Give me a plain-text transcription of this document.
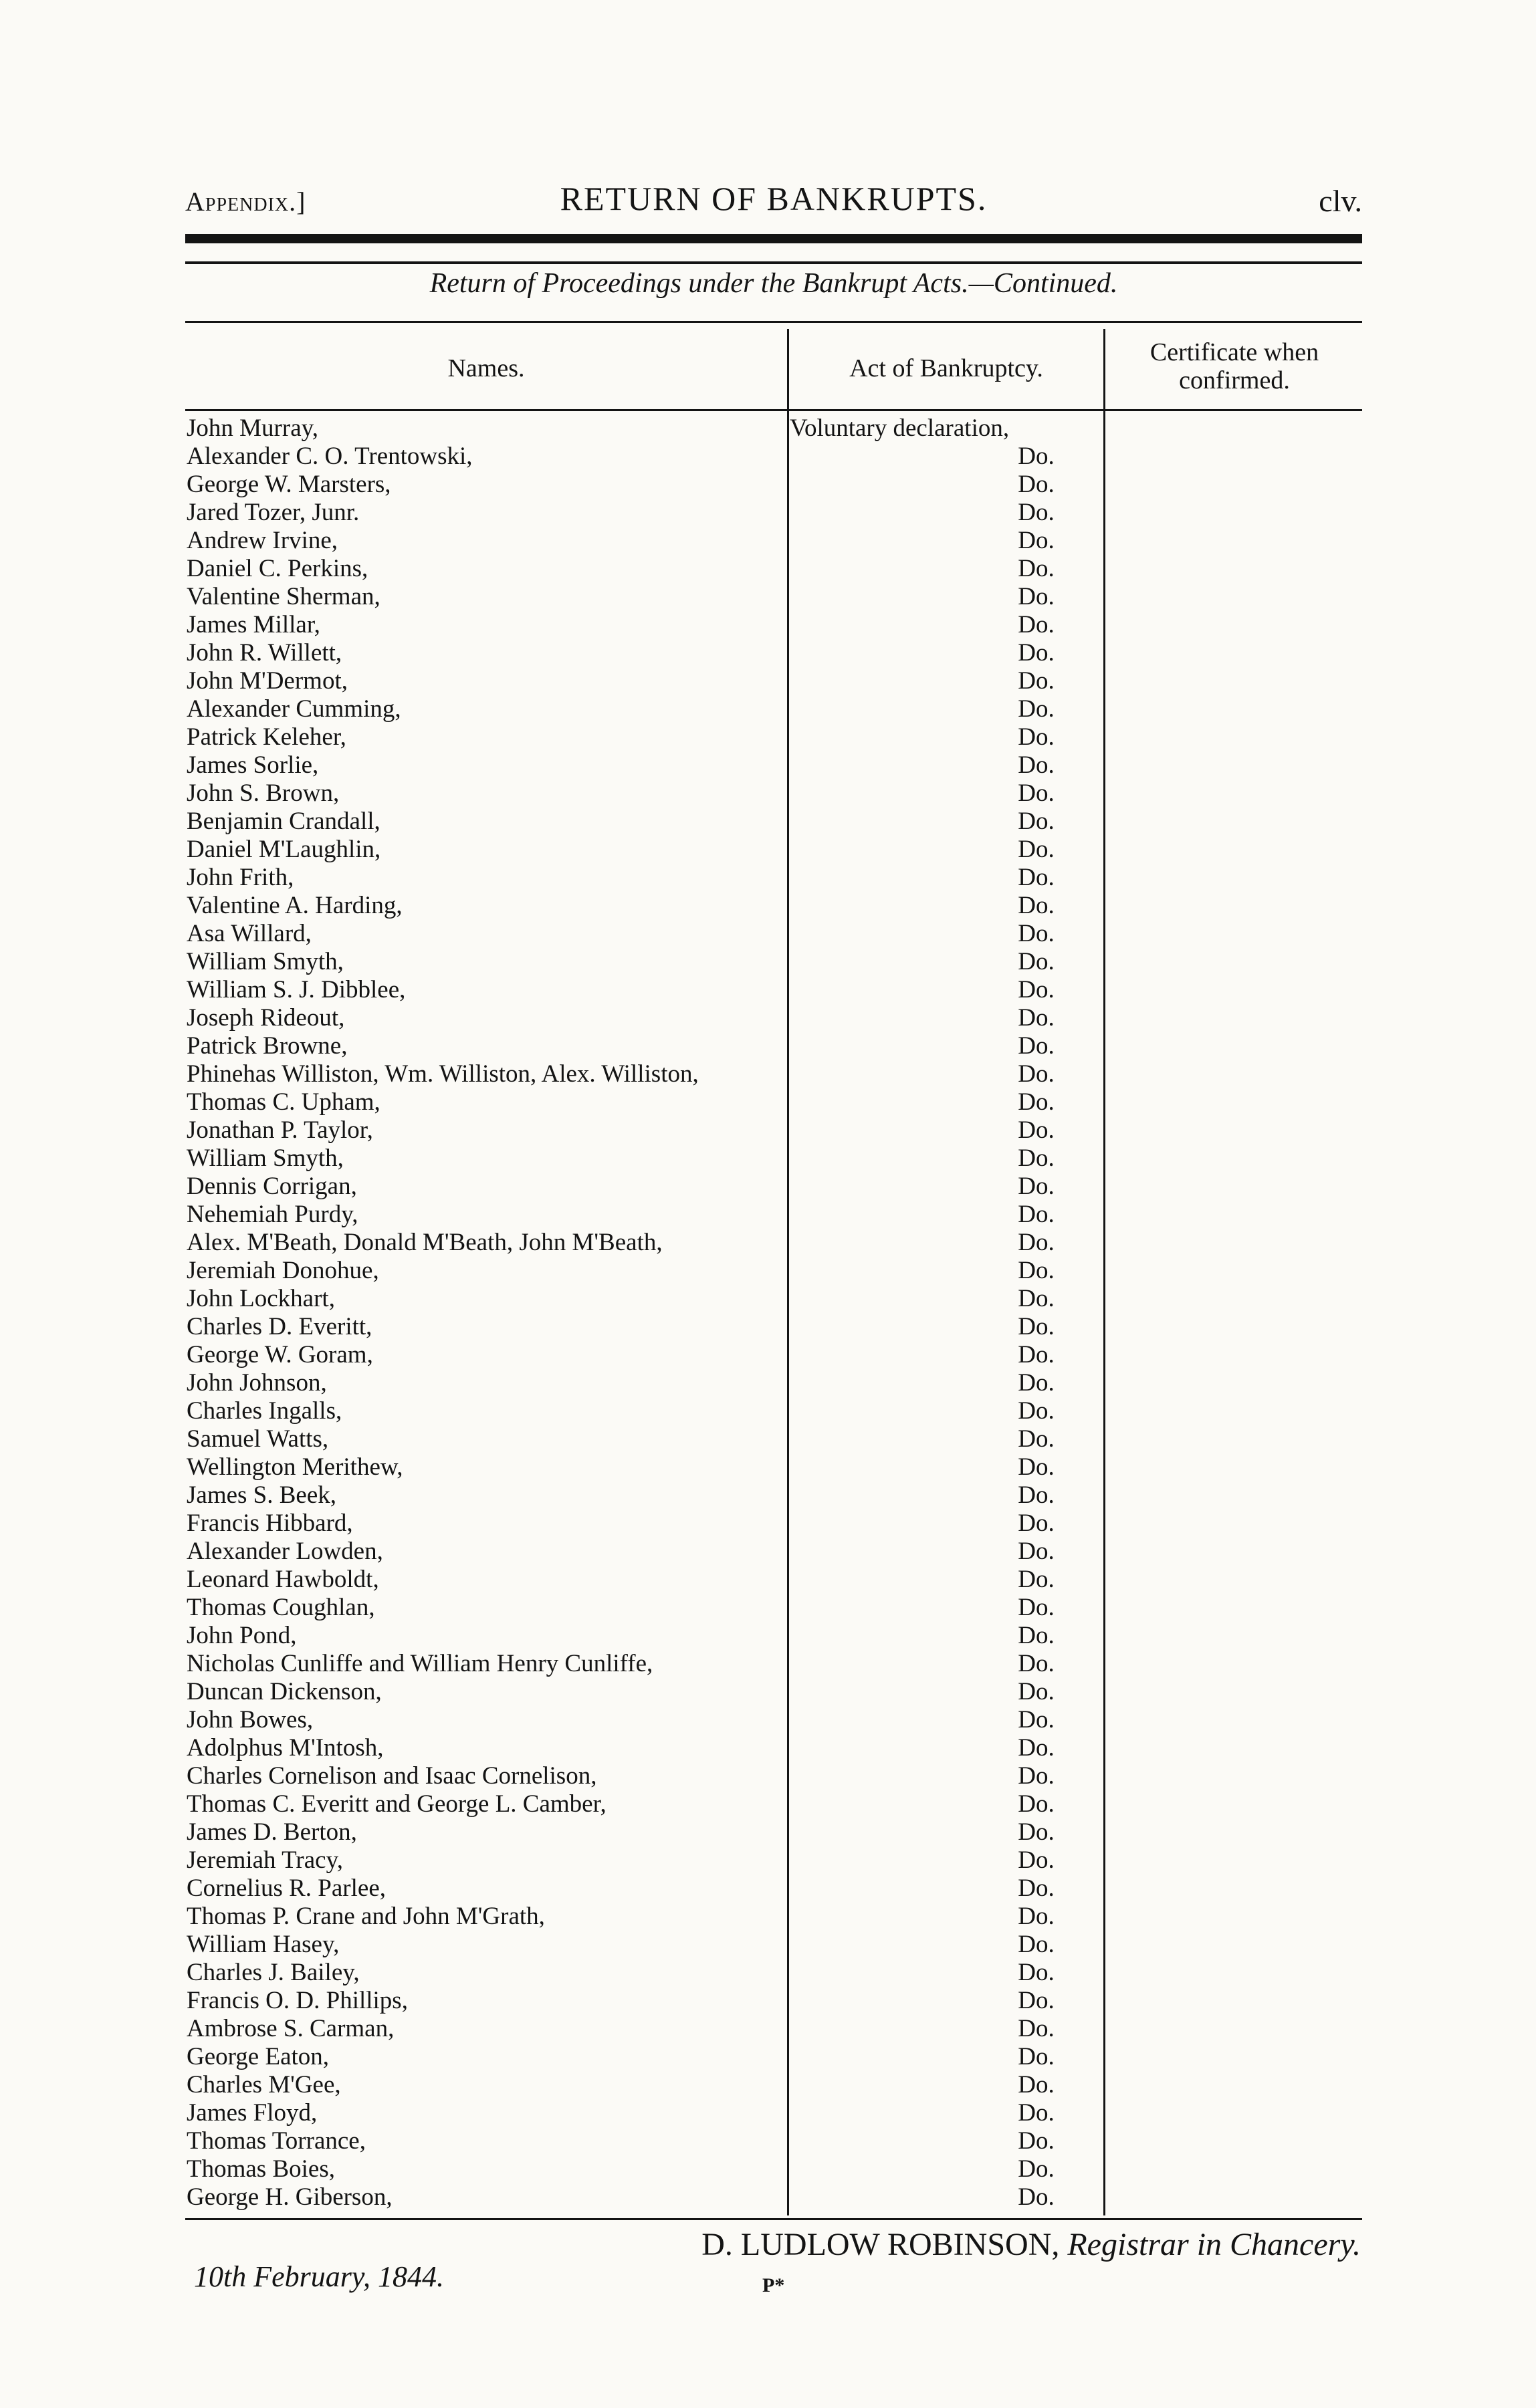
Appendix.]	RETURN OF BANKRUPTS.	clv.
Return of Proceedings under the Bankrupt Acts.—Continued.
Names.	Act of Bankruptcy.
Certificate when confirmed.
John Murray,	Voluntary declaration,
Alexander C. O. Trentowski,	Do.
George W. Marsters,	Do.
Jared Tozer, Junr.	Do.
Andrew Irvine,	Do.
Daniel C. Perkins,	Do.
Valentine Sherman,	Do.
James Millar,	Do.
John R. Willett,	Do.
John M'Dermot,	Do.
Alexander Cumming,	Do.
Patrick Keleher,	Do.
James Sorlie,	Do.
John S. Brown,	Do.
Benjamin Crandall,	Do.
Daniel M'Laughlin,	Do.
John Frith,	Do.
Valentine A. Harding,	Do.
Asa Willard,	Do.
William Smyth,	Do.
William S. J. Dibblee,	Do.
Joseph Rideout,	Do.
Patrick Browne,	Do.
Phinehas Williston, Wm. Williston, Alex. Williston,	Do.
Thomas C. Upham,	Do.
Jonathan P. Taylor,	Do.
William Smyth,	Do.
Dennis Corrigan,	Do.
Nehemiah Purdy,	Do.
Alex. M'Beath, Donald M'Beath, John M'Beath,	Do.
Jeremiah Donohue,	Do.
John Lockhart,	Do.
Charles D. Everitt,	Do.
George W. Goram,	Do.
John Johnson,	Do.
Charles Ingalls,	Do.
Samuel Watts,	Do.
Wellington Merithew,	Do.
James S. Beek,	Do.
Francis Hibbard,	Do.
Alexander Lowden,	Do.
Leonard Hawboldt,	Do.
Thomas Coughlan,	Do.
John Pond,	Do.
Nicholas Cunliffe and William Henry Cunliffe,	Do.
Duncan Dickenson,	Do.
John Bowes,	Do.
Adolphus M'Intosh,	Do.
Charles Cornelison and Isaac Cornelison,	Do.
Thomas C. Everitt and George L. Camber,	Do.
James D. Berton,	Do.
Jeremiah Tracy,	Do.
Cornelius R. Parlee,	Do.
Thomas P. Crane and John M'Grath,	Do.
William Hasey,	Do.
Charles J. Bailey,	Do.
Francis O. D. Phillips,	Do.
Ambrose S. Carman,	Do.
George Eaton,	Do.
Charles M'Gee,	Do.
James Floyd,	Do.
Thomas Torrance,	Do.
Thomas Boies,	Do.
George H. Giberson,	Do.
10th February, 1844.
D. LUDLOW ROBINSON, Registrar in Chancery.
P*
